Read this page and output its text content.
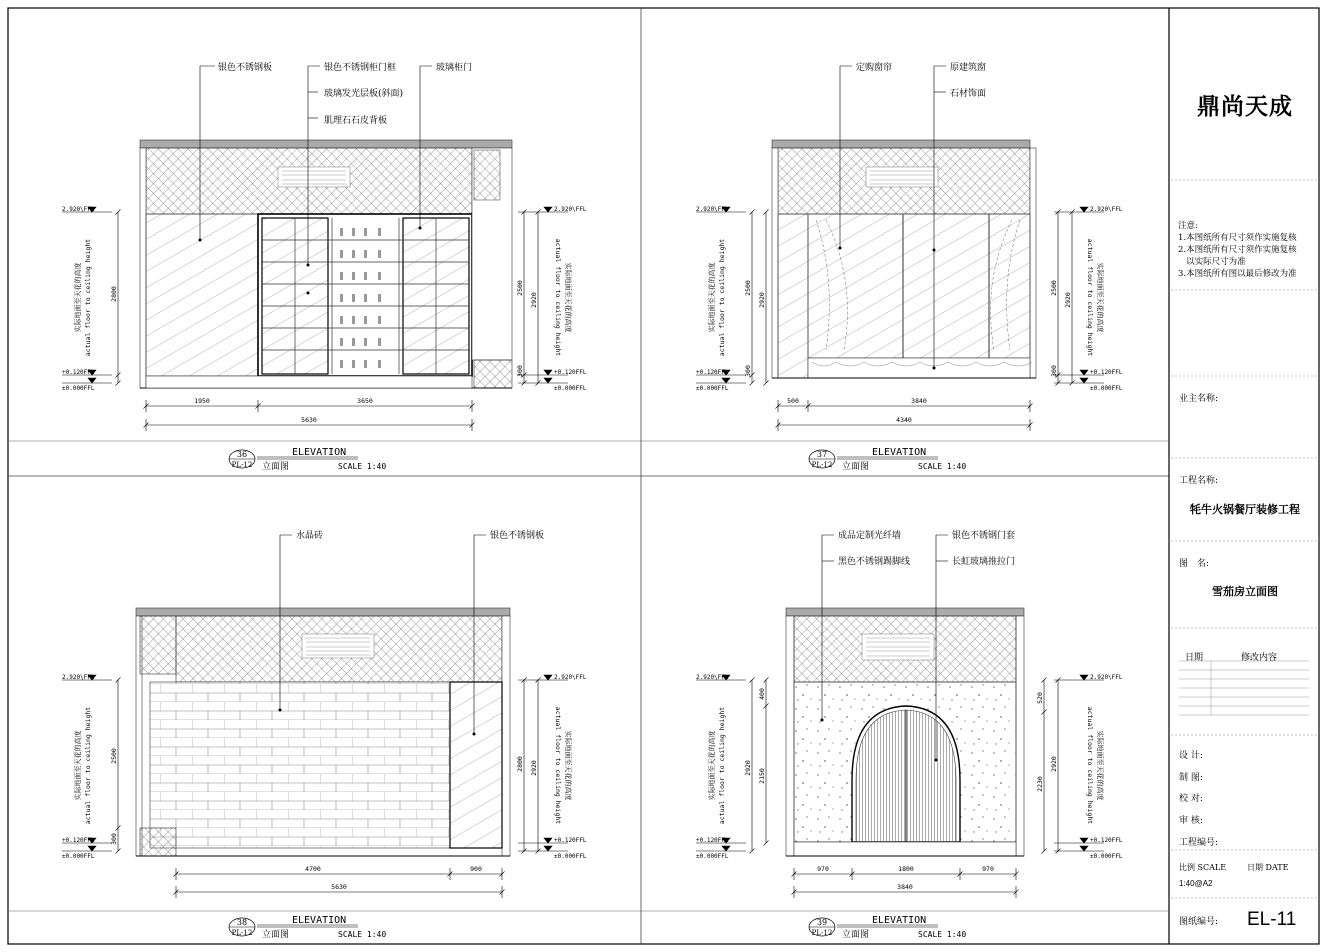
银色不锈钢板	银色不锈钢柜门框
玻璃发光层板(斜面)
肌理石石皮背板
玻璃柜门	定购窗帘	原建筑窗
石材饰面
水晶砖	银色不锈钢板	成品定制光纤墙	银色不锈钢门套
黑色不锈钢踢脚线	长虹玻璃推拉门
36
PL-12
ELEVATION
立面图	SCALE 1:40
37
PL-12
ELEVATION
立面图	SCALE 1:40
38
PL-12
ELEVATION
立面图	SCALE 1:40
39
PL-12
ELEVATION
立面图	SCALE 1:40
2.920\FFL
+0.120FFL
±0.000FFL
实际地面至天花的高度 actual floor to ceiling height
2.920\FFL
+0.120FFL
±0.000FFL
实际地面至天花的高度
actual floor to ceiling height
2.920\FFL
+0.120FFL
±0.000FFL
实际地面至天花的高度 actual floor to ceiling height
2.920\FFL
+0.120FFL
±0.000FFL
实际地面至天花的高度
actual floor to ceiling height
2.920\FFL
+0.120FFL
±0.000FFL
实际地面至天花的高度 actual floor to ceiling height
2.920\FFL
+0.120FFL
±0.000FFL
实际地面至天花的高度
actual floor to ceiling height
2.920\FFL
+0.120FFL
±0.000FFL
实际地面至天花的高度 actual floor to ceiling height
2.920\FFL
+0.120FFL
±0.000FFL
实际地面至天花的高度
actual floor to ceiling height
2800	2500
2920
300
2500
2920
300
2500
2920
300
2500
300
2800 2920
400
2150
2920
520
2920
2230
1950	3650
5630
500	3840
4340
4700	900
5630
970	1800	970
3840
鼎尚天成
注意:
1.本图纸所有尺寸须作实施复核
2.本图纸所有尺寸须作实施复核
以实际尺寸为准
3.本图纸所有图以最后修改为准
业主名称:
工程名称:
牦牛火锅餐厅装修工程
图　名:
雪茄房立面图
日期	修改内容
设 计:
制 图:
校 对:
审 核:
工程编号:
比例 SCALE	日期 DATE
1:40@A2
图纸编号: EL-11
